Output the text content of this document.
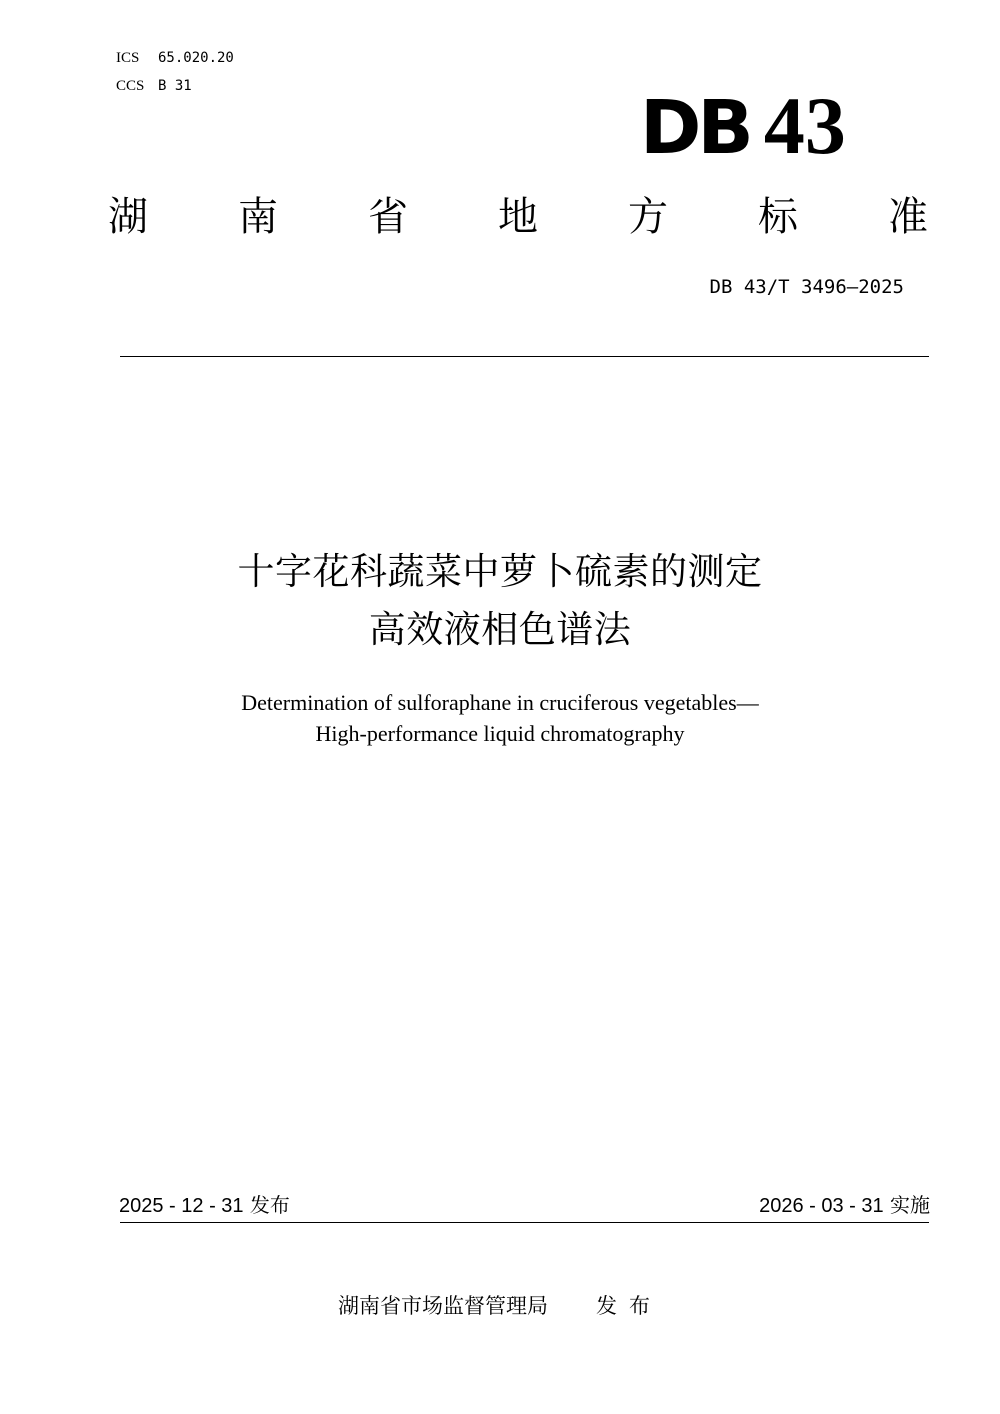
ICS 65.020.20
CCS B 31	DB 43
湖 南 省 地 方 标 准
DB 43/T 3496—2025
十字花科蔬菜中萝卜硫素的测定
高效液相色谱法
Determination of sulforaphane in cruciferous vegetables—
High-performance liquid chromatography
2025 - 12 - 31 发布	2026 - 03 - 31 实施
湖南省市场监督管理局 发布
